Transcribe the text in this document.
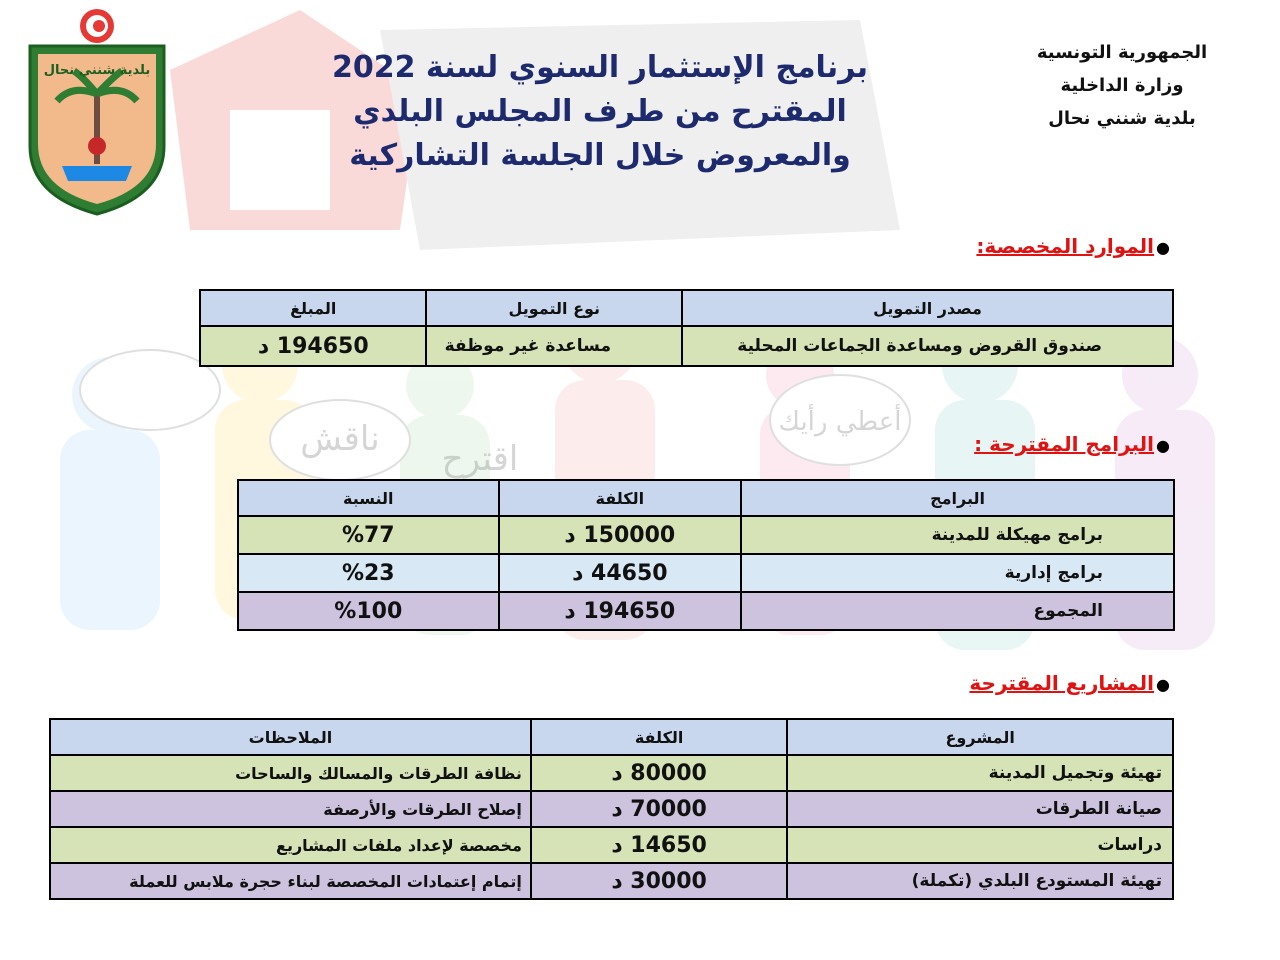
ناقش اقترح
أعطي رأيك
بلدية شنني نحال
الجمهورية التونسية
وزارة الداخلية
بلدية شنني نحال
برنامج الإستثمار السنوي لسنة 2022
المقترح من طرف المجلس البلدي
والمعروض خلال الجلسة التشاركية
●الموارد المخصصة:
مصدر التمويل	نوع التمويل	المبلغ
صندوق القروض ومساعدة الجماعات المحلية	مساعدة غير موظفة	194650 د
●البرامج المقترحة :
البرامج	الكلفة	النسبة
برامج مهيكلة للمدينة	150000 د	%77
برامج إدارية	44650 د	%23
المجموع	194650 د	%100
●المشاريع المقترحة
المشروع	الكلفة	الملاحظات
تهيئة وتجميل المدينة	80000 د	نظافة الطرقات والمسالك والساحات
صيانة الطرقات	70000 د	إصلاح الطرقات والأرصفة
دراسات	14650 د	مخصصة لإعداد ملفات المشاريع
تهيئة المستودع البلدي (تكملة)	30000 د	إتمام إعتمادات المخصصة لبناء حجرة ملابس للعملة
